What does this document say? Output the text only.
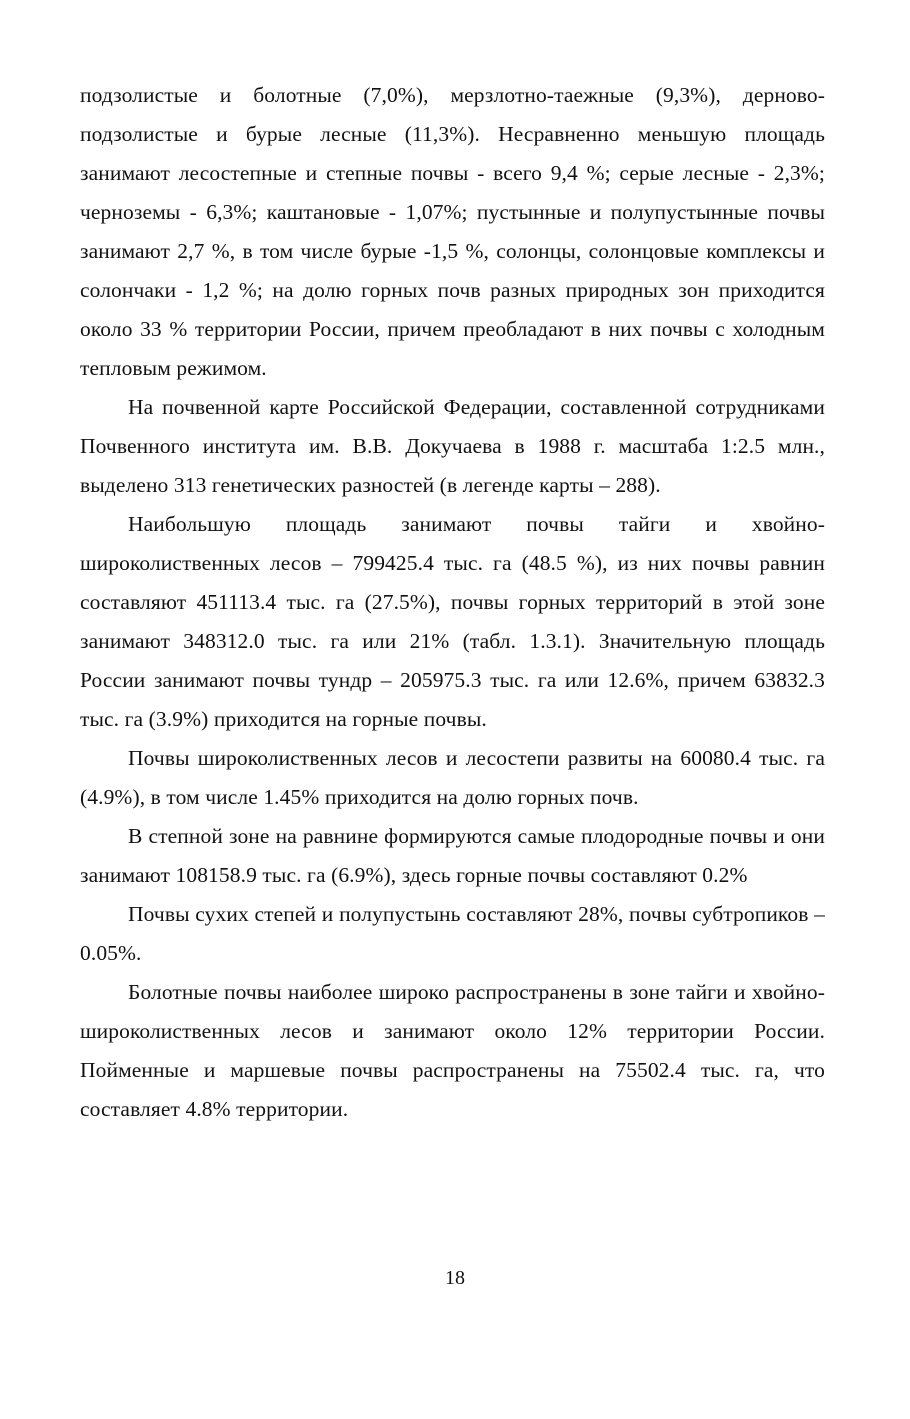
подзолистые и болотные (7,0%), мерзлотно-таежные (9,3%), дерново-подзолистые и бурые лесные (11,3%). Несравненно меньшую площадь занимают лесостепные и степные почвы - всего 9,4 %; серые лесные - 2,3%; черноземы - 6,3%; каштановые - 1,07%; пустынные и полупустынные почвы занимают 2,7 %, в том числе бурые -1,5 %, солонцы, солонцовые комплексы и солончаки - 1,2 %; на долю горных почв разных природных зон приходится около 33 % территории России, причем преобладают в них почвы с холодным тепловым режимом.

На почвенной карте Российской Федерации, составленной сотрудниками Почвенного института им. В.В. Докучаева в 1988 г. масштаба 1:2.5 млн., выделено 313 генетических разностей (в легенде карты – 288).

Наибольшую площадь занимают почвы тайги и хвойно-широколиственных лесов – 799425.4 тыс. га (48.5 %), из них почвы равнин составляют 451113.4 тыс. га (27.5%), почвы горных территорий в этой зоне занимают 348312.0 тыс. га или 21% (табл. 1.3.1). Значительную площадь России занимают почвы тундр – 205975.3 тыс. га или 12.6%, причем 63832.3 тыс. га (3.9%) приходится на горные почвы.

Почвы широколиственных лесов и лесостепи развиты на 60080.4 тыс. га (4.9%), в том числе 1.45% приходится на долю горных почв.

В степной зоне на равнине формируются самые плодородные почвы и они занимают 108158.9 тыс. га (6.9%), здесь горные почвы составляют 0.2%

Почвы сухих степей и полупустынь составляют 28%, почвы субтропиков – 0.05%.

Болотные почвы наиболее широко распространены в зоне тайги и хвойно-широколиственных лесов и занимают около 12% территории России. Пойменные и маршевые почвы распространены на 75502.4 тыс. га, что составляет 4.8% территории.

18
